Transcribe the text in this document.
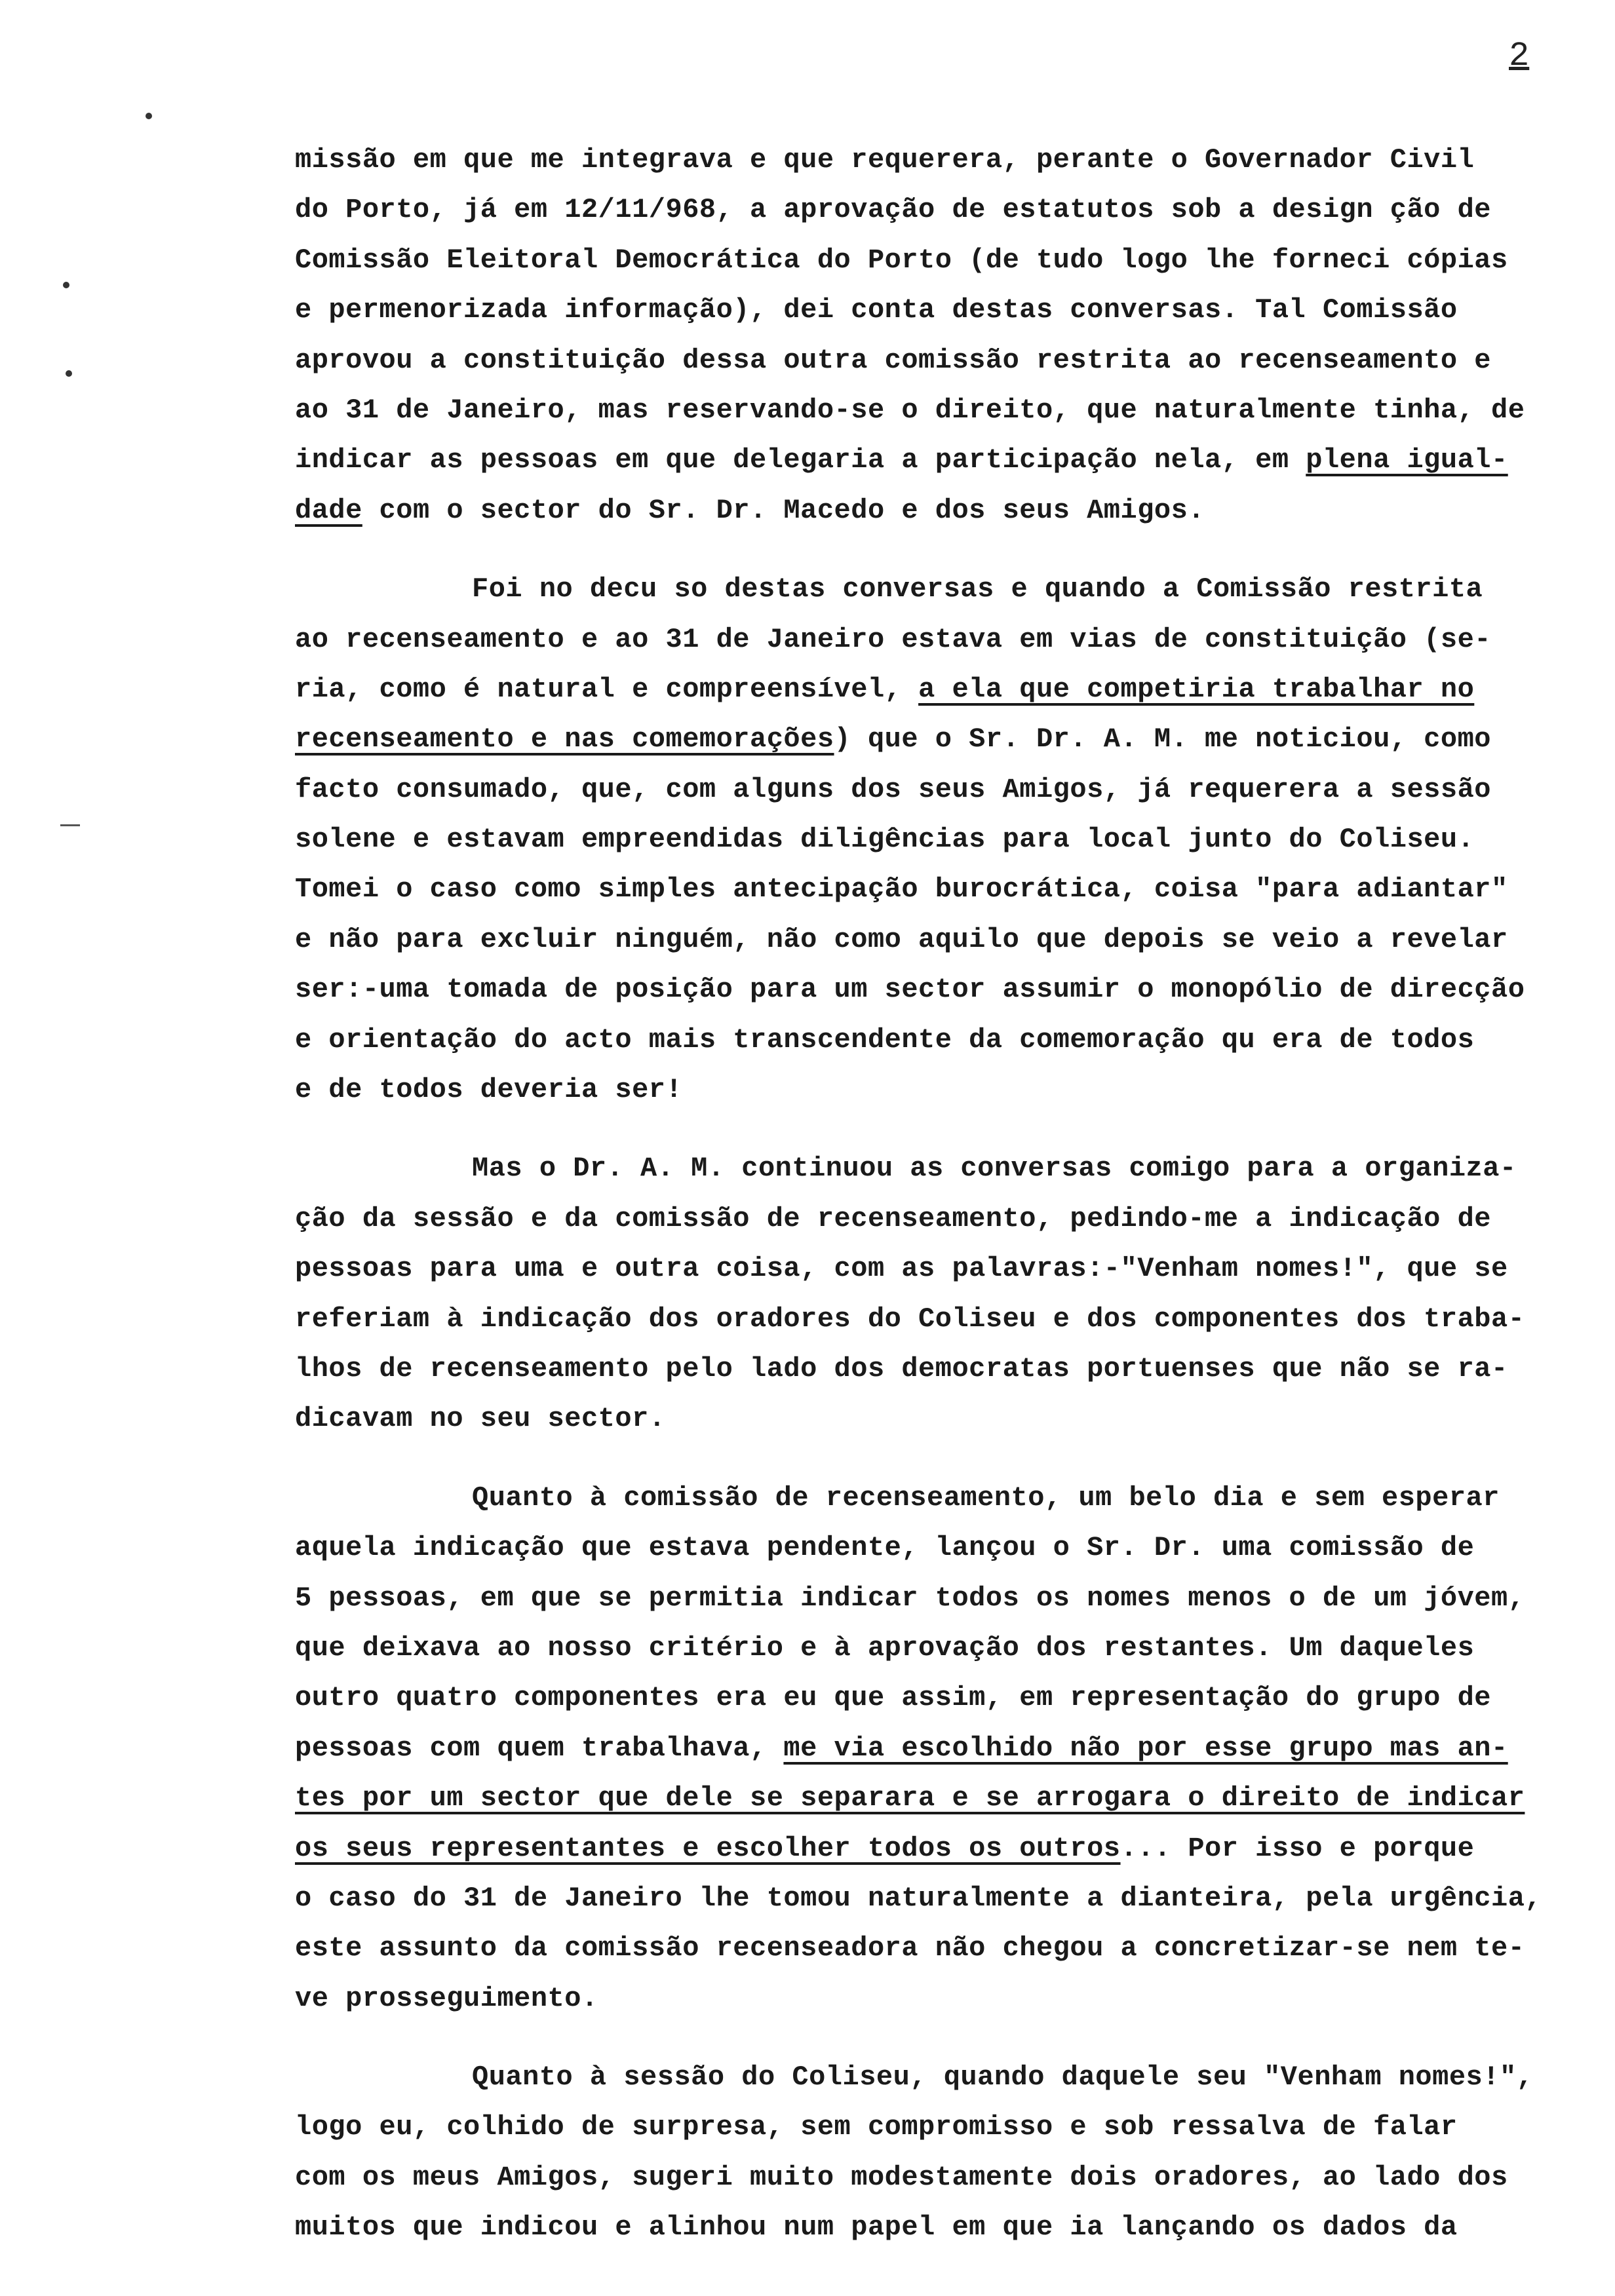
2
missão em que me integrava e que requerera, perante o Governador Civil
do Porto, já em 12/11/968, a aprovação de estatutos sob a design ção de
Comissão Eleitoral Democrática do Porto (de tudo logo lhe forneci cópias
e permenorizada informação), dei conta destas conversas. Tal Comissão
aprovou a constituição dessa outra comissão restrita ao recenseamento e
ao 31 de Janeiro, mas reservando-se o direito, que naturalmente tinha, de
indicar as pessoas em que delegaria a participação nela, em plena igual-
dade com o sector do Sr. Dr. Macedo e dos seus Amigos.
Foi no decu so destas conversas e quando a Comissão restrita
ao recenseamento e ao 31 de Janeiro estava em vias de constituição (se-
ria, como é natural e compreensível, a ela que competiria trabalhar no
recenseamento e nas comemorações) que o Sr. Dr. A. M. me noticiou, como
facto consumado, que, com alguns dos seus Amigos, já requerera a sessão
solene e estavam empreendidas diligências para local junto do Coliseu.
Tomei o caso como simples antecipação burocrática, coisa "para adiantar"
e não para excluir ninguém, não como aquilo que depois se veio a revelar
ser:-uma tomada de posição para um sector assumir o monopólio de direcção
e orientação do acto mais transcendente da comemoração qu era de todos
e de todos deveria ser!
Mas o Dr. A. M. continuou as conversas comigo para a organiza-
ção da sessão e da comissão de recenseamento, pedindo-me a indicação de
pessoas para uma e outra coisa, com as palavras:-"Venham nomes!", que se
referiam à indicação dos oradores do Coliseu e dos componentes dos traba-
lhos de recenseamento pelo lado dos democratas portuenses que não se ra-
dicavam no seu sector.
Quanto à comissão de recenseamento, um belo dia e sem esperar
aquela indicação que estava pendente, lançou o Sr. Dr. uma comissão de
5 pessoas, em que se permitia indicar todos os nomes menos o de um jóvem,
que deixava ao nosso critério e à aprovação dos restantes. Um daqueles
outro quatro componentes era eu que assim, em representação do grupo de
pessoas com quem trabalhava, me via escolhido não por esse grupo mas an-
tes por um sector que dele se separara e se arrogara o direito de indicar
os seus representantes e escolher todos os outros... Por isso e porque
o caso do 31 de Janeiro lhe tomou naturalmente a dianteira, pela urgência,
este assunto da comissão recenseadora não chegou a concretizar-se nem te-
ve prosseguimento.
Quanto à sessão do Coliseu, quando daquele seu "Venham nomes!",
logo eu, colhido de surpresa, sem compromisso e sob ressalva de falar
com os meus Amigos, sugeri muito modestamente dois oradores, ao lado dos
muitos que indicou e alinhou num papel em que ia lançando os dados da
